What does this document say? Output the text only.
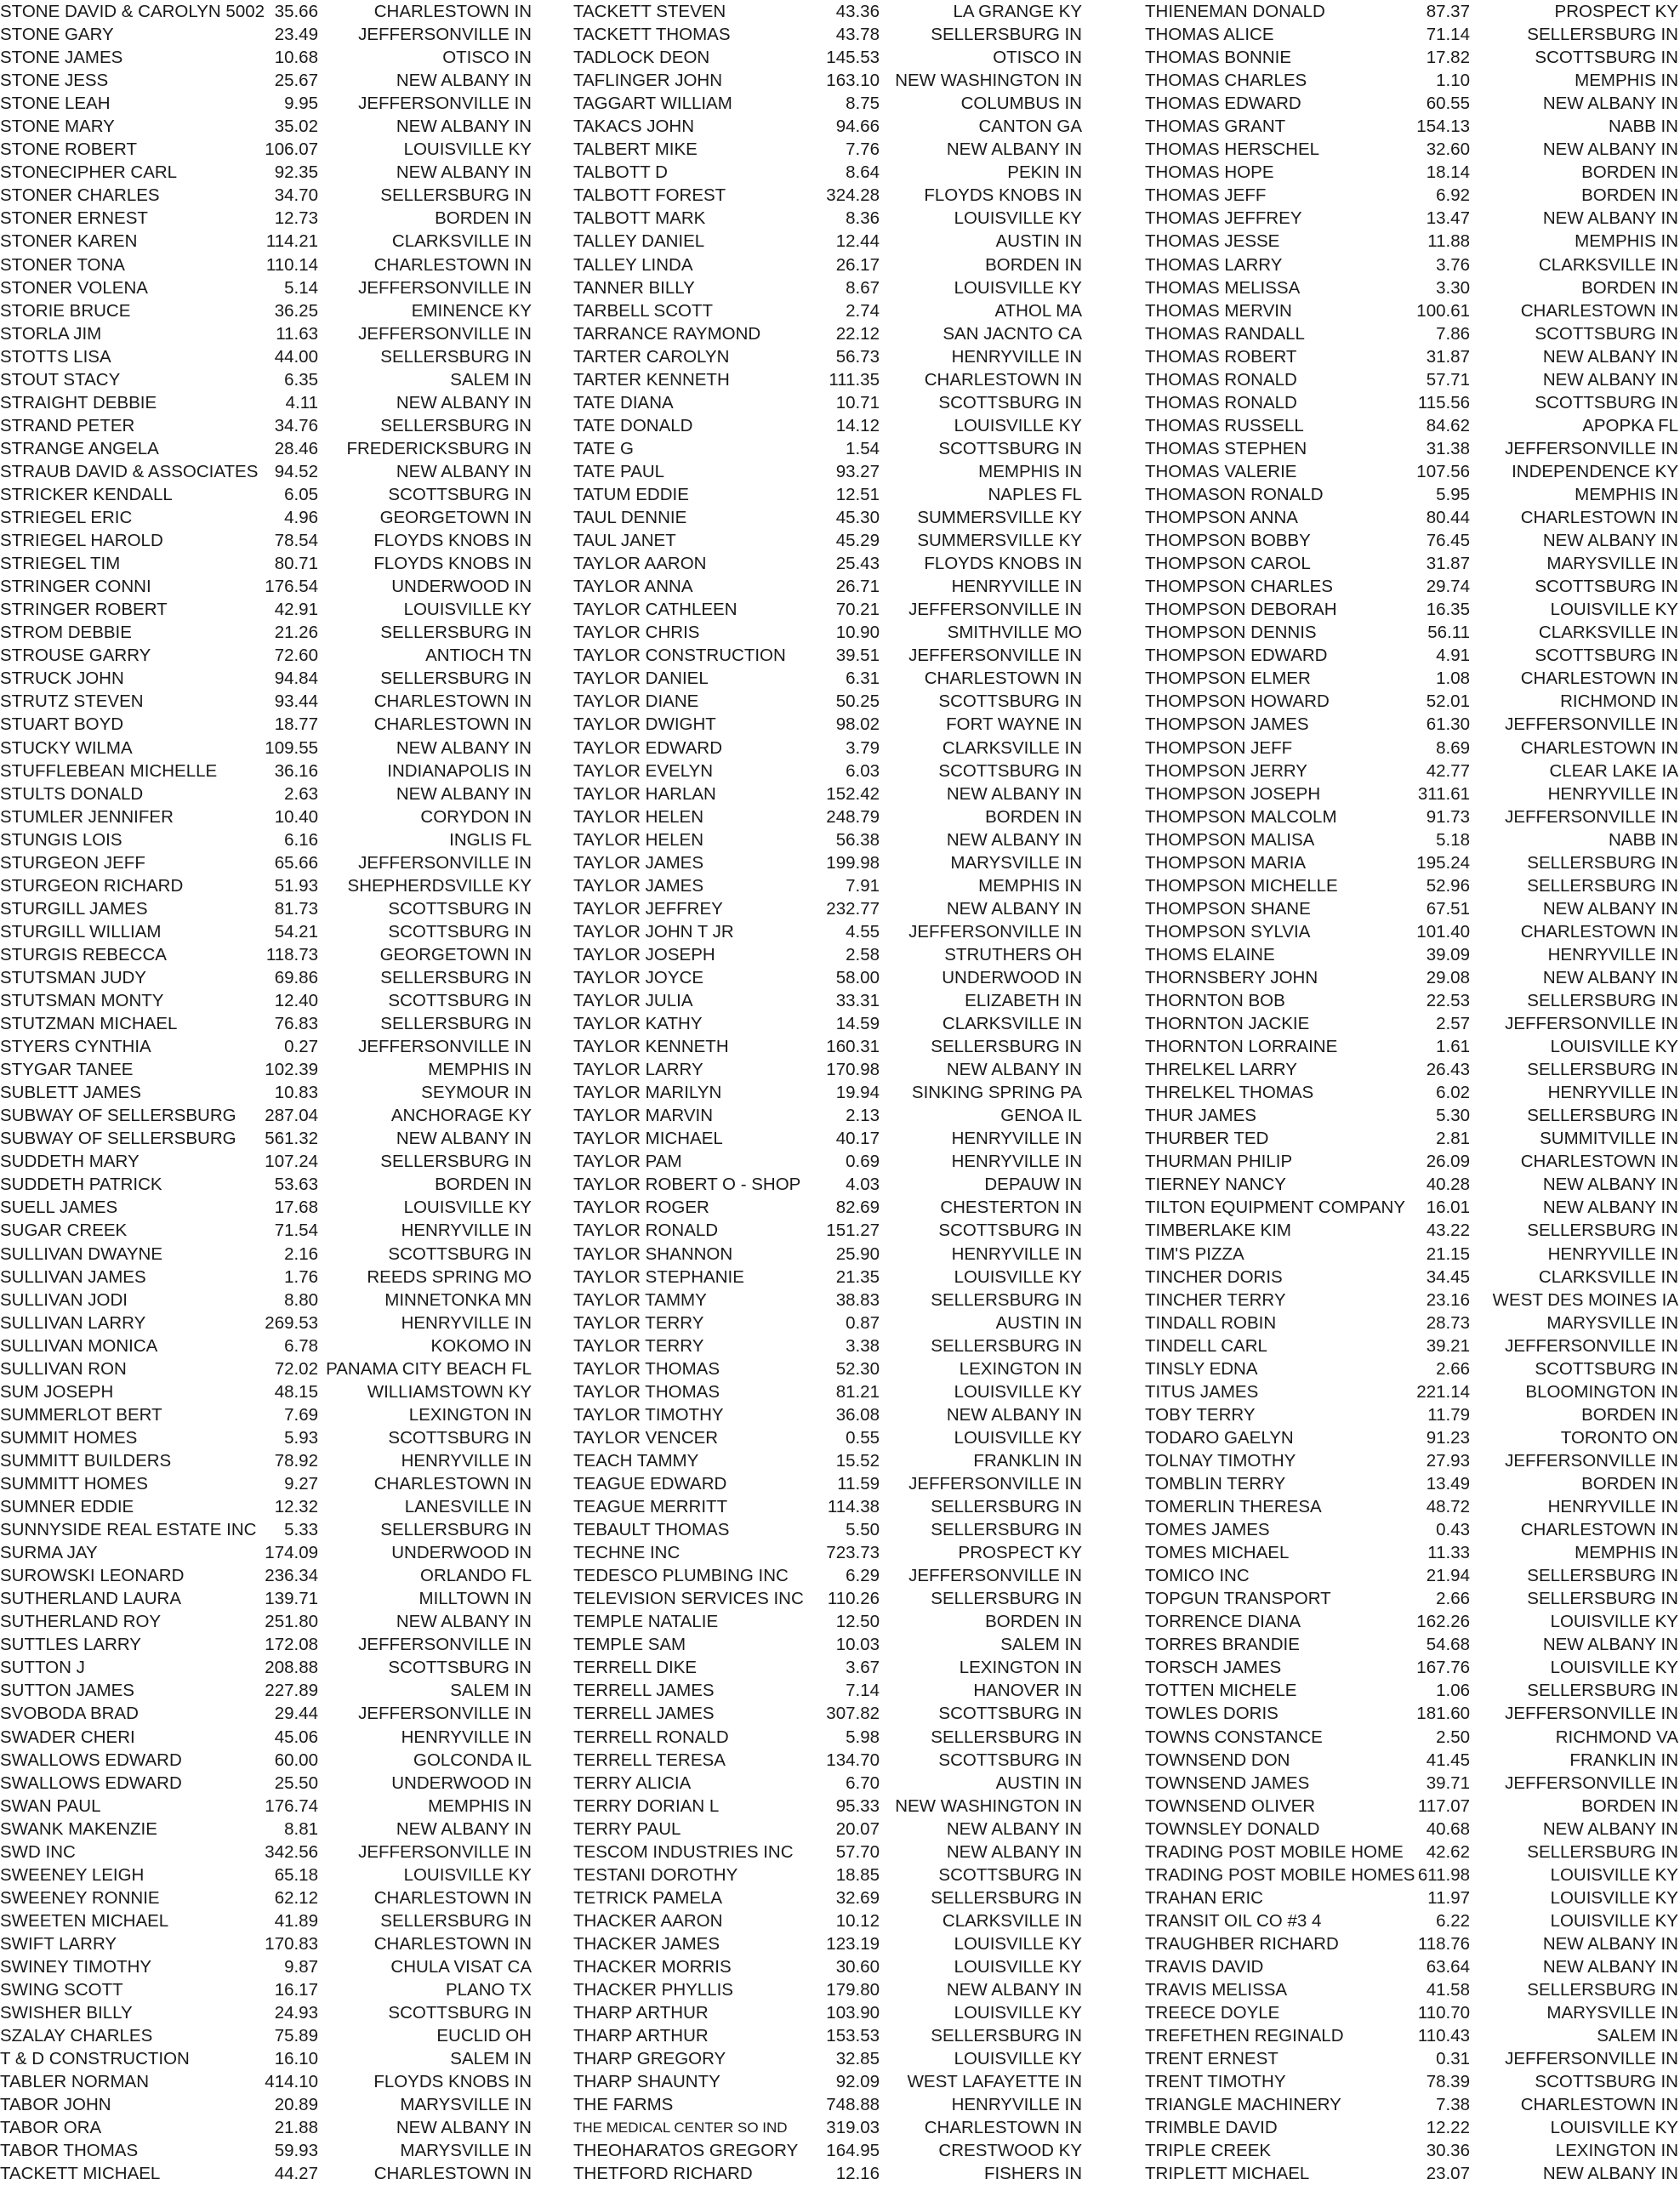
STONE DAVID & CAROLYN 5002 35.66	CHARLESTOWN IN
STONE GARY	23.49 JEFFERSONVILLE IN
STONE JAMES	10.68	OTISCO IN
STONE JESS	25.67	NEW ALBANY IN
STONE LEAH	9.95 JEFFERSONVILLE IN
STONE MARY	35.02	NEW ALBANY IN
STONE ROBERT	106.07	LOUISVILLE KY
STONECIPHER CARL	92.35	NEW ALBANY IN
STONER CHARLES	34.70	SELLERSBURG IN
STONER ERNEST	12.73	BORDEN IN
STONER KAREN	114.21	CLARKSVILLE IN
STONER TONA	110.14	CHARLESTOWN IN
STONER VOLENA	5.14 JEFFERSONVILLE IN
STORIE BRUCE	36.25	EMINENCE KY
STORLA JIM	11.63 JEFFERSONVILLE IN
STOTTS LISA	44.00	SELLERSBURG IN
STOUT STACY	6.35	SALEM IN
STRAIGHT DEBBIE	4.11	NEW ALBANY IN
STRAND PETER	34.76	SELLERSBURG IN
STRANGE ANGELA	28.46 FREDERICKSBURG IN
STRAUB DAVID & ASSOCIATES 94.52	NEW ALBANY IN
STRICKER KENDALL	6.05	SCOTTSBURG IN
STRIEGEL ERIC	4.96	GEORGETOWN IN
STRIEGEL HAROLD	78.54	FLOYDS KNOBS IN
STRIEGEL TIM	80.71	FLOYDS KNOBS IN
STRINGER CONNI	176.54	UNDERWOOD IN
STRINGER ROBERT	42.91	LOUISVILLE KY
STROM DEBBIE	21.26	SELLERSBURG IN
STROUSE GARRY	72.60	ANTIOCH TN
STRUCK JOHN	94.84	SELLERSBURG IN
STRUTZ STEVEN	93.44	CHARLESTOWN IN
STUART BOYD	18.77	CHARLESTOWN IN
STUCKY WILMA	109.55	NEW ALBANY IN
STUFFLEBEAN MICHELLE	36.16	INDIANAPOLIS IN
STULTS DONALD	2.63	NEW ALBANY IN
STUMLER JENNIFER	10.40	CORYDON IN
STUNGIS LOIS	6.16	INGLIS FL
STURGEON JEFF	65.66 JEFFERSONVILLE IN
STURGEON RICHARD	51.93 SHEPHERDSVILLE KY
STURGILL JAMES	81.73	SCOTTSBURG IN
STURGILL WILLIAM	54.21	SCOTTSBURG IN
STURGIS REBECCA	118.73	GEORGETOWN IN
STUTSMAN JUDY	69.86	SELLERSBURG IN
STUTSMAN MONTY	12.40	SCOTTSBURG IN
STUTZMAN MICHAEL	76.83	SELLERSBURG IN
STYERS CYNTHIA	0.27 JEFFERSONVILLE IN
STYGAR TANEE	102.39	MEMPHIS IN
SUBLETT JAMES	10.83	SEYMOUR IN
SUBWAY OF SELLERSBURG 287.04	ANCHORAGE KY
SUBWAY OF SELLERSBURG 561.32	NEW ALBANY IN
SUDDETH MARY	107.24	SELLERSBURG IN
SUDDETH PATRICK	53.63	BORDEN IN
SUELL JAMES	17.68	LOUISVILLE KY
SUGAR CREEK	71.54	HENRYVILLE IN
SULLIVAN DWAYNE	2.16	SCOTTSBURG IN
SULLIVAN JAMES	1.76	REEDS SPRING MO
SULLIVAN JODI	8.80	MINNETONKA MN
SULLIVAN LARRY	269.53	HENRYVILLE IN
SULLIVAN MONICA	6.78	KOKOMO IN
SULLIVAN RON	72.02 PANAMA CITY BEACH FL
SUM JOSEPH	48.15	WILLIAMSTOWN KY
SUMMERLOT BERT	7.69	LEXINGTON IN
SUMMIT HOMES	5.93	SCOTTSBURG IN
SUMMITT BUILDERS	78.92	HENRYVILLE IN
SUMMITT HOMES	9.27	CHARLESTOWN IN
SUMNER EDDIE	12.32	LANESVILLE IN
SUNNYSIDE REAL ESTATE INC 5.33	SELLERSBURG IN
SURMA JAY	174.09	UNDERWOOD IN
SUROWSKI LEONARD	236.34	ORLANDO FL
SUTHERLAND LAURA	139.71	MILLTOWN IN
SUTHERLAND ROY	251.80	NEW ALBANY IN
SUTTLES LARRY	172.08 JEFFERSONVILLE IN
SUTTON J	208.88	SCOTTSBURG IN
SUTTON JAMES	227.89	SALEM IN
SVOBODA BRAD	29.44 JEFFERSONVILLE IN
SWADER CHERI	45.06	HENRYVILLE IN
SWALLOWS EDWARD	60.00	GOLCONDA IL
SWALLOWS EDWARD	25.50	UNDERWOOD IN
SWAN PAUL	176.74	MEMPHIS IN
SWANK MAKENZIE	8.81	NEW ALBANY IN
SWD INC	342.56 JEFFERSONVILLE IN
SWEENEY LEIGH	65.18	LOUISVILLE KY
SWEENEY RONNIE	62.12	CHARLESTOWN IN
SWEETEN MICHAEL	41.89	SELLERSBURG IN
SWIFT LARRY	170.83	CHARLESTOWN IN
SWINEY TIMOTHY	9.87	CHULA VISAT CA
SWING SCOTT	16.17	PLANO TX
SWISHER BILLY	24.93	SCOTTSBURG IN
SZALAY CHARLES	75.89	EUCLID OH
T & D CONSTRUCTION	16.10	SALEM IN
TABLER NORMAN	414.10	FLOYDS KNOBS IN
TABOR JOHN	20.89	MARYSVILLE IN
TABOR ORA	21.88	NEW ALBANY IN
TABOR THOMAS	59.93	MARYSVILLE IN
TACKETT MICHAEL	44.27	CHARLESTOWN IN
TACKETT STEVEN	43.36	LA GRANGE KY
TACKETT THOMAS	43.78	SELLERSBURG IN
TADLOCK DEON	145.53	OTISCO IN
TAFLINGER JOHN	163.10 NEW WASHINGTON IN
TAGGART WILLIAM	8.75	COLUMBUS IN
TAKACS JOHN	94.66	CANTON GA
TALBERT MIKE	7.76	NEW ALBANY IN
TALBOTT D	8.64	PEKIN IN
TALBOTT FOREST	324.28	FLOYDS KNOBS IN
TALBOTT MARK	8.36	LOUISVILLE KY
TALLEY DANIEL	12.44	AUSTIN IN
TALLEY LINDA	26.17	BORDEN IN
TANNER BILLY	8.67	LOUISVILLE KY
TARBELL SCOTT	2.74	ATHOL MA
TARRANCE RAYMOND	22.12	SAN JACNTO CA
TARTER CAROLYN	56.73	HENRYVILLE IN
TARTER KENNETH	111.35	CHARLESTOWN IN
TATE DIANA	10.71	SCOTTSBURG IN
TATE DONALD	14.12	LOUISVILLE KY
TATE G	1.54	SCOTTSBURG IN
TATE PAUL	93.27	MEMPHIS IN
TATUM EDDIE	12.51	NAPLES FL
TAUL DENNIE	45.30 SUMMERSVILLE KY
TAUL JANET	45.29 SUMMERSVILLE KY
TAYLOR AARON	25.43	FLOYDS KNOBS IN
TAYLOR ANNA	26.71	HENRYVILLE IN
TAYLOR CATHLEEN	70.21 JEFFERSONVILLE IN
TAYLOR CHRIS	10.90	SMITHVILLE MO
TAYLOR CONSTRUCTION	39.51 JEFFERSONVILLE IN
TAYLOR DANIEL	6.31	CHARLESTOWN IN
TAYLOR DIANE	50.25	SCOTTSBURG IN
TAYLOR DWIGHT	98.02	FORT WAYNE IN
TAYLOR EDWARD	3.79	CLARKSVILLE IN
TAYLOR EVELYN	6.03	SCOTTSBURG IN
TAYLOR HARLAN	152.42	NEW ALBANY IN
TAYLOR HELEN	248.79	BORDEN IN
TAYLOR HELEN	56.38	NEW ALBANY IN
TAYLOR JAMES	199.98	MARYSVILLE IN
TAYLOR JAMES	7.91	MEMPHIS IN
TAYLOR JEFFREY	232.77	NEW ALBANY IN
TAYLOR JOHN T JR	4.55 JEFFERSONVILLE IN
TAYLOR JOSEPH	2.58	STRUTHERS OH
TAYLOR JOYCE	58.00	UNDERWOOD IN
TAYLOR JULIA	33.31	ELIZABETH IN
TAYLOR KATHY	14.59	CLARKSVILLE IN
TAYLOR KENNETH	160.31	SELLERSBURG IN
TAYLOR LARRY	170.98	NEW ALBANY IN
TAYLOR MARILYN	19.94 SINKING SPRING PA
TAYLOR MARVIN	2.13	GENOA IL
TAYLOR MICHAEL	40.17	HENRYVILLE IN
TAYLOR PAM	0.69	HENRYVILLE IN
TAYLOR ROBERT O - SHOP	4.03	DEPAUW IN
TAYLOR ROGER	82.69	CHESTERTON IN
TAYLOR RONALD	151.27	SCOTTSBURG IN
TAYLOR SHANNON	25.90	HENRYVILLE IN
TAYLOR STEPHANIE	21.35	LOUISVILLE KY
TAYLOR TAMMY	38.83	SELLERSBURG IN
TAYLOR TERRY	0.87	AUSTIN IN
TAYLOR TERRY	3.38	SELLERSBURG IN
TAYLOR THOMAS	52.30	LEXINGTON IN
TAYLOR THOMAS	81.21	LOUISVILLE KY
TAYLOR TIMOTHY	36.08	NEW ALBANY IN
TAYLOR VENCER	0.55	LOUISVILLE KY
TEACH TAMMY	15.52	FRANKLIN IN
TEAGUE EDWARD	11.59 JEFFERSONVILLE IN
TEAGUE MERRITT	114.38	SELLERSBURG IN
TEBAULT THOMAS	5.50	SELLERSBURG IN
TECHNE INC	723.73	PROSPECT KY
TEDESCO PLUMBING INC	6.29 JEFFERSONVILLE IN
TELEVISION SERVICES INC 110.26	SELLERSBURG IN
TEMPLE NATALIE	12.50	BORDEN IN
TEMPLE SAM	10.03	SALEM IN
TERRELL DIKE	3.67	LEXINGTON IN
TERRELL JAMES	7.14	HANOVER IN
TERRELL JAMES	307.82	SCOTTSBURG IN
TERRELL RONALD	5.98	SELLERSBURG IN
TERRELL TERESA	134.70	SCOTTSBURG IN
TERRY ALICIA	6.70	AUSTIN IN
TERRY DORIAN L	95.33 NEW WASHINGTON IN
TERRY PAUL	20.07	NEW ALBANY IN
TESCOM INDUSTRIES INC 57.70	NEW ALBANY IN
TESTANI DOROTHY	18.85	SCOTTSBURG IN
TETRICK PAMELA	32.69	SELLERSBURG IN
THACKER AARON	10.12	CLARKSVILLE IN
THACKER JAMES	123.19	LOUISVILLE KY
THACKER MORRIS	30.60	LOUISVILLE KY
THACKER PHYLLIS	179.80	NEW ALBANY IN
THARP ARTHUR	103.90	LOUISVILLE KY
THARP ARTHUR	153.53	SELLERSBURG IN
THARP GREGORY	32.85	LOUISVILLE KY
THARP SHAUNTY	92.09 WEST LAFAYETTE IN
THE FARMS	748.88	HENRYVILLE IN
THE MEDICAL CENTER SO IND 319.03	CHARLESTOWN IN
THEOHARATOS GREGORY 164.95	CRESTWOOD KY
THETFORD RICHARD	12.16	FISHERS IN
THIENEMAN DONALD	87.37	PROSPECT KY
THOMAS ALICE	71.14	SELLERSBURG IN
THOMAS BONNIE	17.82	SCOTTSBURG IN
THOMAS CHARLES	1.10	MEMPHIS IN
THOMAS EDWARD	60.55	NEW ALBANY IN
THOMAS GRANT	154.13	NABB IN
THOMAS HERSCHEL	32.60	NEW ALBANY IN
THOMAS HOPE	18.14	BORDEN IN
THOMAS JEFF	6.92	BORDEN IN
THOMAS JEFFREY	13.47	NEW ALBANY IN
THOMAS JESSE	11.88	MEMPHIS IN
THOMAS LARRY	3.76	CLARKSVILLE IN
THOMAS MELISSA	3.30	BORDEN IN
THOMAS MERVIN	100.61	CHARLESTOWN IN
THOMAS RANDALL	7.86	SCOTTSBURG IN
THOMAS ROBERT	31.87	NEW ALBANY IN
THOMAS RONALD	57.71	NEW ALBANY IN
THOMAS RONALD	115.56	SCOTTSBURG IN
THOMAS RUSSELL	84.62	APOPKA FL
THOMAS STEPHEN	31.38 JEFFERSONVILLE IN
THOMAS VALERIE	107.56 INDEPENDENCE KY
THOMASON RONALD	5.95	MEMPHIS IN
THOMPSON ANNA	80.44	CHARLESTOWN IN
THOMPSON BOBBY	76.45	NEW ALBANY IN
THOMPSON CAROL	31.87	MARYSVILLE IN
THOMPSON CHARLES	29.74	SCOTTSBURG IN
THOMPSON DEBORAH	16.35	LOUISVILLE KY
THOMPSON DENNIS	56.11	CLARKSVILLE IN
THOMPSON EDWARD	4.91	SCOTTSBURG IN
THOMPSON ELMER	1.08	CHARLESTOWN IN
THOMPSON HOWARD	52.01	RICHMOND IN
THOMPSON JAMES	61.30 JEFFERSONVILLE IN
THOMPSON JEFF	8.69	CHARLESTOWN IN
THOMPSON JERRY	42.77	CLEAR LAKE IA
THOMPSON JOSEPH	311.61	HENRYVILLE IN
THOMPSON MALCOLM	91.73 JEFFERSONVILLE IN
THOMPSON MALISA	5.18	NABB IN
THOMPSON MARIA	195.24	SELLERSBURG IN
THOMPSON MICHELLE	52.96	SELLERSBURG IN
THOMPSON SHANE	67.51	NEW ALBANY IN
THOMPSON SYLVIA	101.40	CHARLESTOWN IN
THOMS ELAINE	39.09	HENRYVILLE IN
THORNSBERY JOHN	29.08	NEW ALBANY IN
THORNTON BOB	22.53	SELLERSBURG IN
THORNTON JACKIE	2.57 JEFFERSONVILLE IN
THORNTON LORRAINE	1.61	LOUISVILLE KY
THRELKEL LARRY	26.43	SELLERSBURG IN
THRELKEL THOMAS	6.02	HENRYVILLE IN
THUR JAMES	5.30	SELLERSBURG IN
THURBER TED	2.81	SUMMITVILLE IN
THURMAN PHILIP	26.09	CHARLESTOWN IN
TIERNEY NANCY	40.28	NEW ALBANY IN
TILTON EQUIPMENT COMPANY 16.01	NEW ALBANY IN
TIMBERLAKE KIM	43.22	SELLERSBURG IN
TIM'S PIZZA	21.15	HENRYVILLE IN
TINCHER DORIS	34.45	CLARKSVILLE IN
TINCHER TERRY	23.16 WEST DES MOINES IA
TINDALL ROBIN	28.73	MARYSVILLE IN
TINDELL CARL	39.21 JEFFERSONVILLE IN
TINSLY EDNA	2.66	SCOTTSBURG IN
TITUS JAMES	221.14	BLOOMINGTON IN
TOBY TERRY	11.79	BORDEN IN
TODARO GAELYN	91.23	TORONTO ON
TOLNAY TIMOTHY	27.93 JEFFERSONVILLE IN
TOMBLIN TERRY	13.49	BORDEN IN
TOMERLIN THERESA	48.72	HENRYVILLE IN
TOMES JAMES	0.43	CHARLESTOWN IN
TOMES MICHAEL	11.33	MEMPHIS IN
TOMICO INC	21.94	SELLERSBURG IN
TOPGUN TRANSPORT	2.66	SELLERSBURG IN
TORRENCE DIANA	162.26	LOUISVILLE KY
TORRES BRANDIE	54.68	NEW ALBANY IN
TORSCH JAMES	167.76	LOUISVILLE KY
TOTTEN MICHELE	1.06	SELLERSBURG IN
TOWLES DORIS	181.60 JEFFERSONVILLE IN
TOWNS CONSTANCE	2.50	RICHMOND VA
TOWNSEND DON	41.45	FRANKLIN IN
TOWNSEND JAMES	39.71 JEFFERSONVILLE IN
TOWNSEND OLIVER	117.07	BORDEN IN
TOWNSLEY DONALD	40.68	NEW ALBANY IN
TRADING POST MOBILE HOME 42.62	SELLERSBURG IN
TRADING POST MOBILE HOMES 611.98	LOUISVILLE KY
TRAHAN ERIC	11.97	LOUISVILLE KY
TRANSIT OIL CO #3 4	6.22	LOUISVILLE KY
TRAUGHBER RICHARD	118.76	NEW ALBANY IN
TRAVIS DAVID	63.64	NEW ALBANY IN
TRAVIS MELISSA	41.58	SELLERSBURG IN
TREECE DOYLE	110.70	MARYSVILLE IN
TREFETHEN REGINALD	110.43	SALEM IN
TRENT ERNEST	0.31 JEFFERSONVILLE IN
TRENT TIMOTHY	78.39	SCOTTSBURG IN
TRIANGLE MACHINERY	7.38	CHARLESTOWN IN
TRIMBLE DAVID	12.22	LOUISVILLE KY
TRIPLE CREEK	30.36	LEXINGTON IN
TRIPLETT MICHAEL	23.07	NEW ALBANY IN
